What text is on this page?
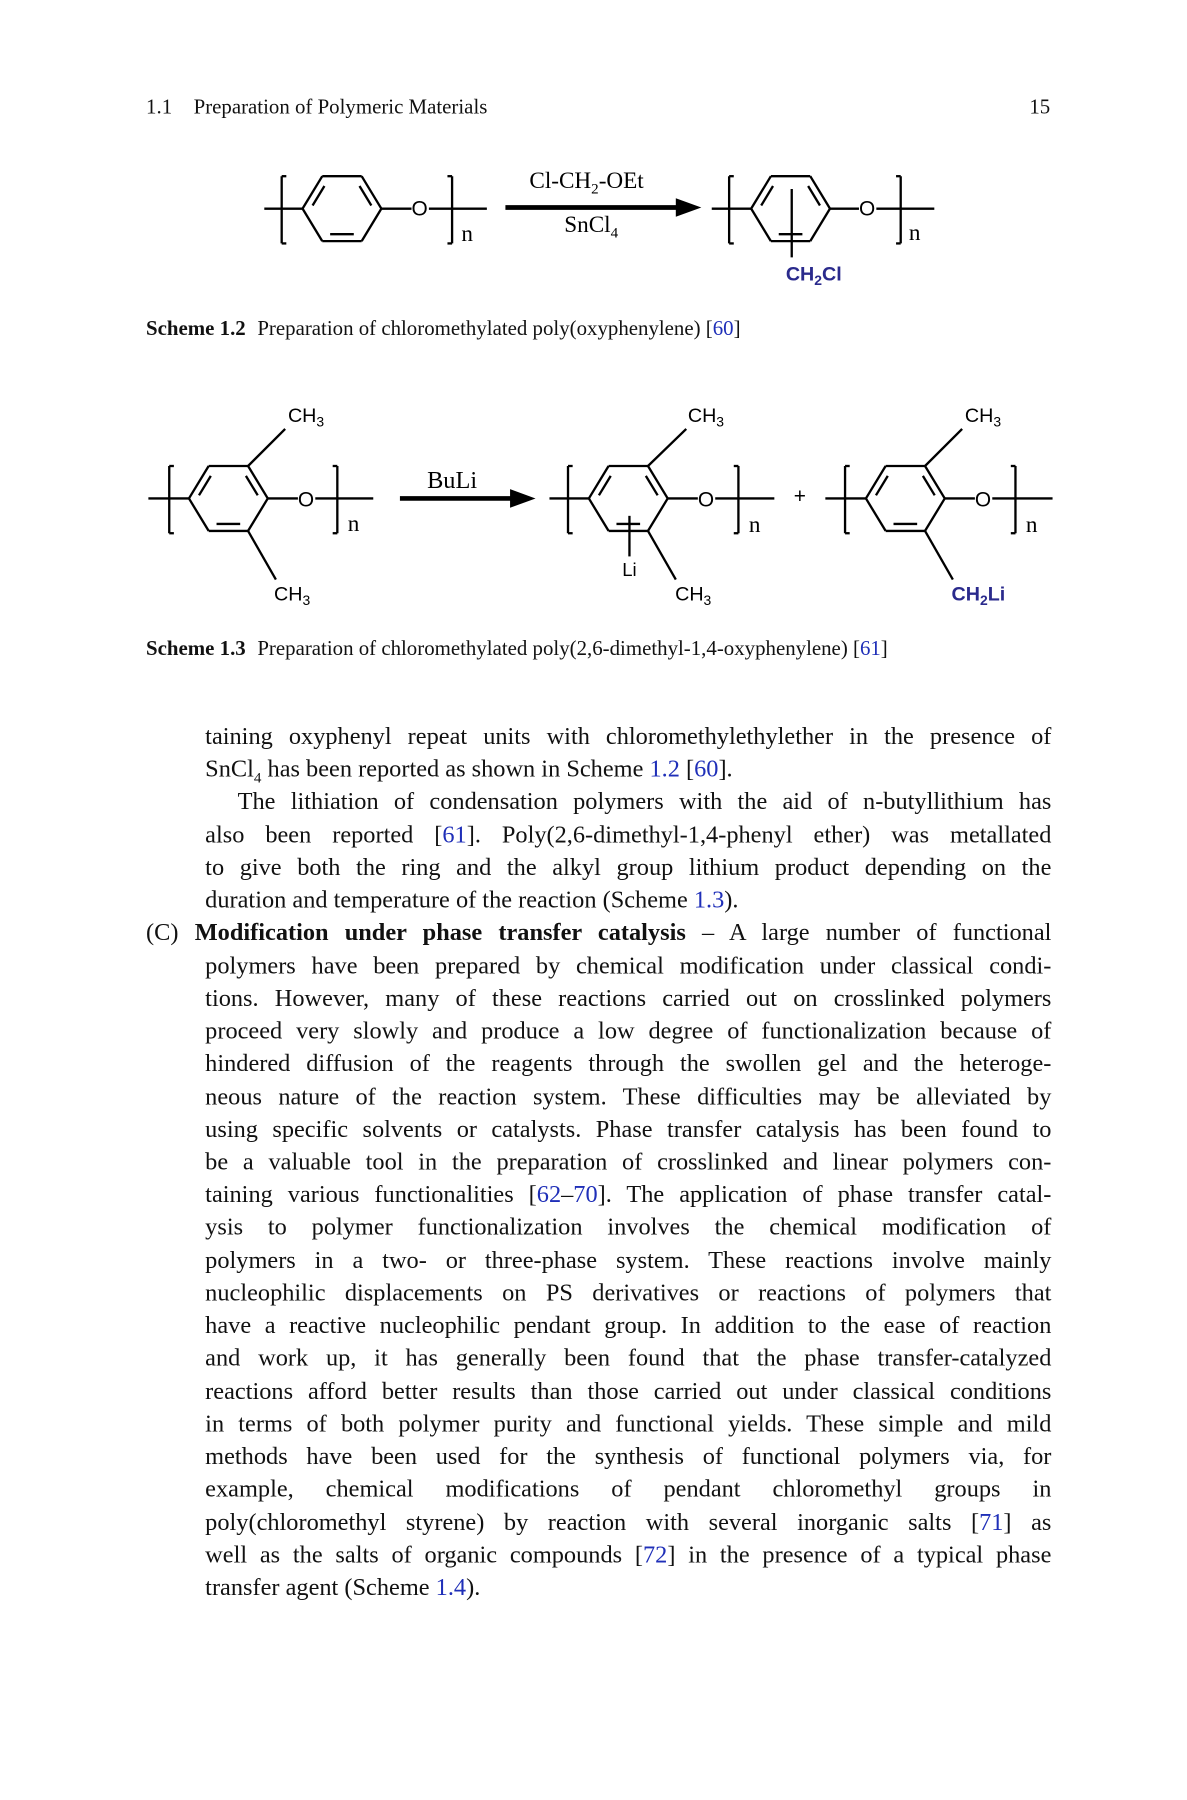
1.1 Preparation of Polymeric Materials	15
$Cl-CH_2$-OEt
SnCl$_4$
O	O
n	n
$CH_2Cl$
BuLi
O	O	O
n	n	n
+
Li
$CH_3$
$CH_3$
$CH_3$
$CH_3$
$CH_3$
$CH_2Li$
Scheme 1.2 Preparation of chloromethylated poly(oxyphenylene) [60]
Scheme 1.3 Preparation of chloromethylated poly(2,6-dimethyl-1,4-oxyphenylene) [61]
taining oxyphenyl repeat units with chloromethylethylether in the presence of
SnCl$_4$ has been reported as shown in Scheme 1.2 [60].
The lithiation of condensation polymers with the aid of n-butyllithium has
also been reported [61]. Poly(2,6-dimethyl-1,4-phenyl ether) was metallated
to give both the ring and the alkyl group lithium product depending on the
duration and temperature of the reaction (Scheme 1.3).
(C) Modification under phase transfer catalysis – A large number of functional
polymers have been prepared by chemical modification under classical condi-
tions. However, many of these reactions carried out on crosslinked polymers
proceed very slowly and produce a low degree of functionalization because of
hindered diffusion of the reagents through the swollen gel and the heteroge-
neous nature of the reaction system. These difficulties may be alleviated by
using specific solvents or catalysts. Phase transfer catalysis has been found to
be a valuable tool in the preparation of crosslinked and linear polymers con-
taining various functionalities [62–70]. The application of phase transfer catal-
ysis to polymer functionalization involves the chemical modification of
polymers in a two- or three-phase system. These reactions involve mainly
nucleophilic displacements on PS derivatives or reactions of polymers that
have a reactive nucleophilic pendant group. In addition to the ease of reaction
and work up, it has generally been found that the phase transfer-catalyzed
reactions afford better results than those carried out under classical conditions
in terms of both polymer purity and functional yields. These simple and mild
methods have been used for the synthesis of functional polymers via, for
example, chemical modifications of pendant chloromethyl groups in
poly(chloromethyl styrene) by reaction with several inorganic salts [71] as
well as the salts of organic compounds [72] in the presence of a typical phase
transfer agent (Scheme 1.4).
